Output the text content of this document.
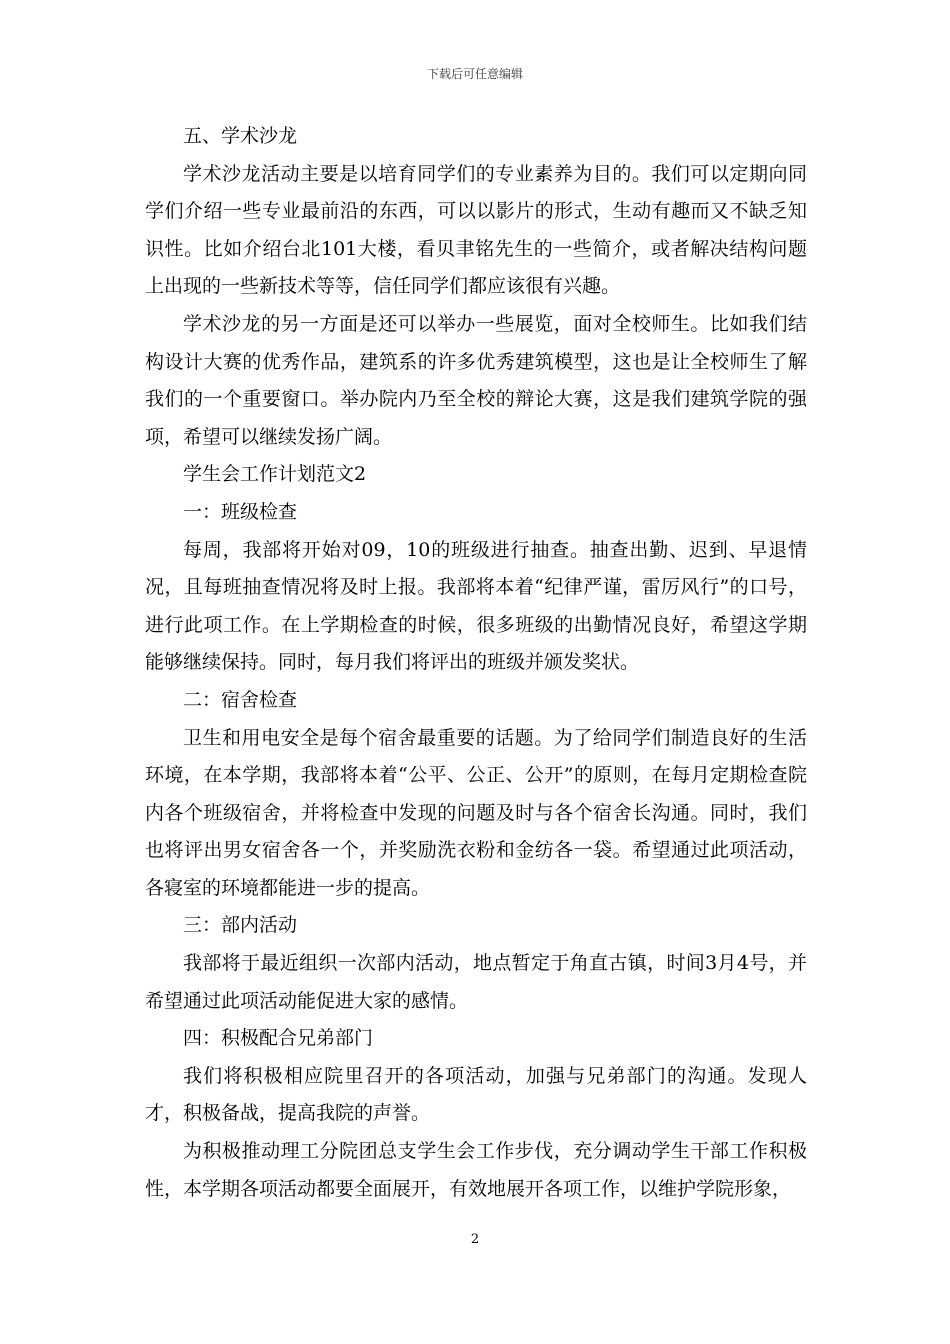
下载后可任意编辑

五、学术沙龙

学术沙龙活动主要是以培育同学们的专业素养为目的。我们可以定期向同学们介绍一些专业最前沿的东西，可以以影片的形式，生动有趣而又不缺乏知识性。比如介绍台北101大楼，看贝聿铭先生的一些简介，或者解决结构问题上出现的一些新技术等等，信任同学们都应该很有兴趣。

学术沙龙的另一方面是还可以举办一些展览，面对全校师生。比如我们结构设计大赛的优秀作品，建筑系的许多优秀建筑模型，这也是让全校师生了解我们的一个重要窗口。举办院内乃至全校的辩论大赛，这是我们建筑学院的强项，希望可以继续发扬广阔。

学生会工作计划范文2

一：班级检查

每周，我部将开始对09，10的班级进行抽查。抽查出勤、迟到、早退情况，且每班抽查情况将及时上报。我部将本着“纪律严谨，雷厉风行”的口号，进行此项工作。在上学期检查的时候，很多班级的出勤情况良好，希望这学期能够继续保持。同时，每月我们将评出的班级并颁发奖状。

二：宿舍检查

卫生和用电安全是每个宿舍最重要的话题。为了给同学们制造良好的生活环境，在本学期，我部将本着“公平、公正、公开”的原则，在每月定期检查院内各个班级宿舍，并将检查中发现的问题及时与各个宿舍长沟通。同时，我们也将评出男女宿舍各一个，并奖励洗衣粉和金纺各一袋。希望通过此项活动，各寝室的环境都能进一步的提高。

三：部内活动

我部将于最近组织一次部内活动，地点暂定于角直古镇，时间3月4号，并希望通过此项活动能促进大家的感情。

四：积极配合兄弟部门

我们将积极相应院里召开的各项活动，加强与兄弟部门的沟通。发现人才，积极备战，提高我院的声誉。

为积极推动理工分院团总支学生会工作步伐，充分调动学生干部工作积极性，本学期各项活动都要全面展开，有效地展开各项工作，以维护学院形象，

2
